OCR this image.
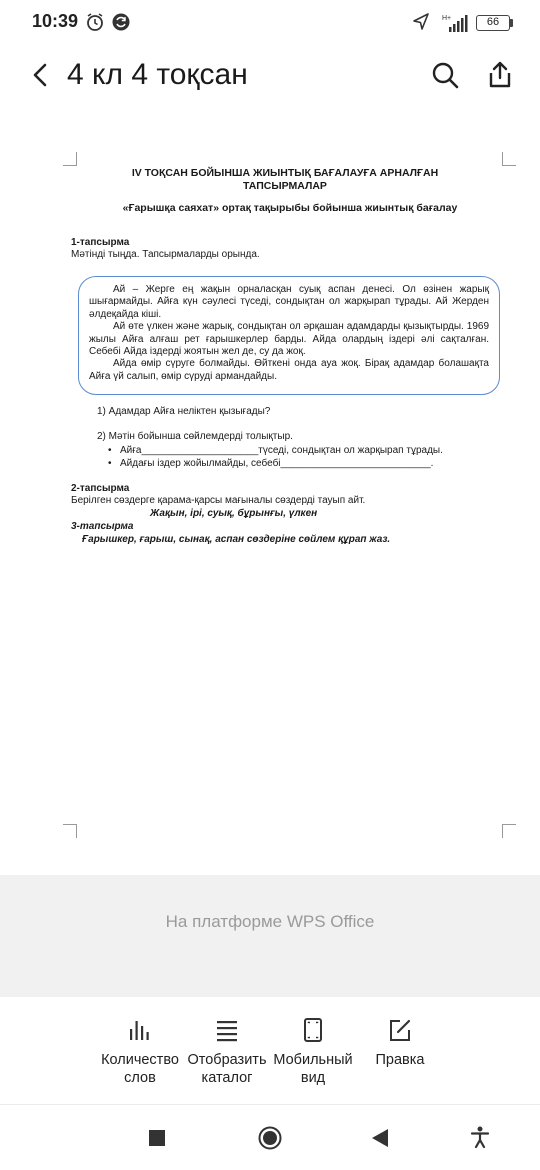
10:39	H+	66
4 кл 4 тоқсан
IV ТОҚСАН БОЙЫНША ЖИЫНТЫҚ БАҒАЛАУҒА АРНАЛҒАН
ТАПСЫРМАЛАР
«Ғарышқа саяхат» ортақ тақырыбы бойынша жиынтық бағалау
1-тапсырма
Мәтінді тыңда. Тапсырмаларды орында.

Ай – Жерге ең жақын орналасқан суық аспан денесі. Ол өзінен жарық шығармайды. Айға күн сәулесі түседі, сондықтан ол жарқырап тұрады. Ай Жерден әлдеқайда кіші.

Ай өте үлкен және жарық, сондықтан ол әрқашан адамдарды қызықтырды. 1969 жылы Айға алғаш рет ғарышкерлер барды. Айда олардың іздері әлі сақталған. Себебі Айда іздерді жоятын жел де, су да жоқ.

Айда өмір сүруге болмайды. Өйткені онда ауа жоқ. Бірақ адамдар болашақта Айға үй салып, өмір сүруді армандайды.

1) Адамдар Айға неліктен қызығады?
2) Мәтін бойынша сөйлемдерді толықтыр.
• Айға_____________________түседі, сондықтан ол жарқырап тұрады.
• Айдағы іздер жойылмайды, себебі___________________________.
2-тапсырма
Берілген сөздерге қарама-қарсы мағыналы сөздерді тауып айт.
Жақын, ірі, суық, бұрынғы, үлкен
3-тапсырма
Ғарышкер, ғарыш, сынақ, аспан сөздеріне сөйлем құрап жаз.
На платформе WPS Office
Количество
слов
Отобразить
каталог
Мобильный
вид
Правка
